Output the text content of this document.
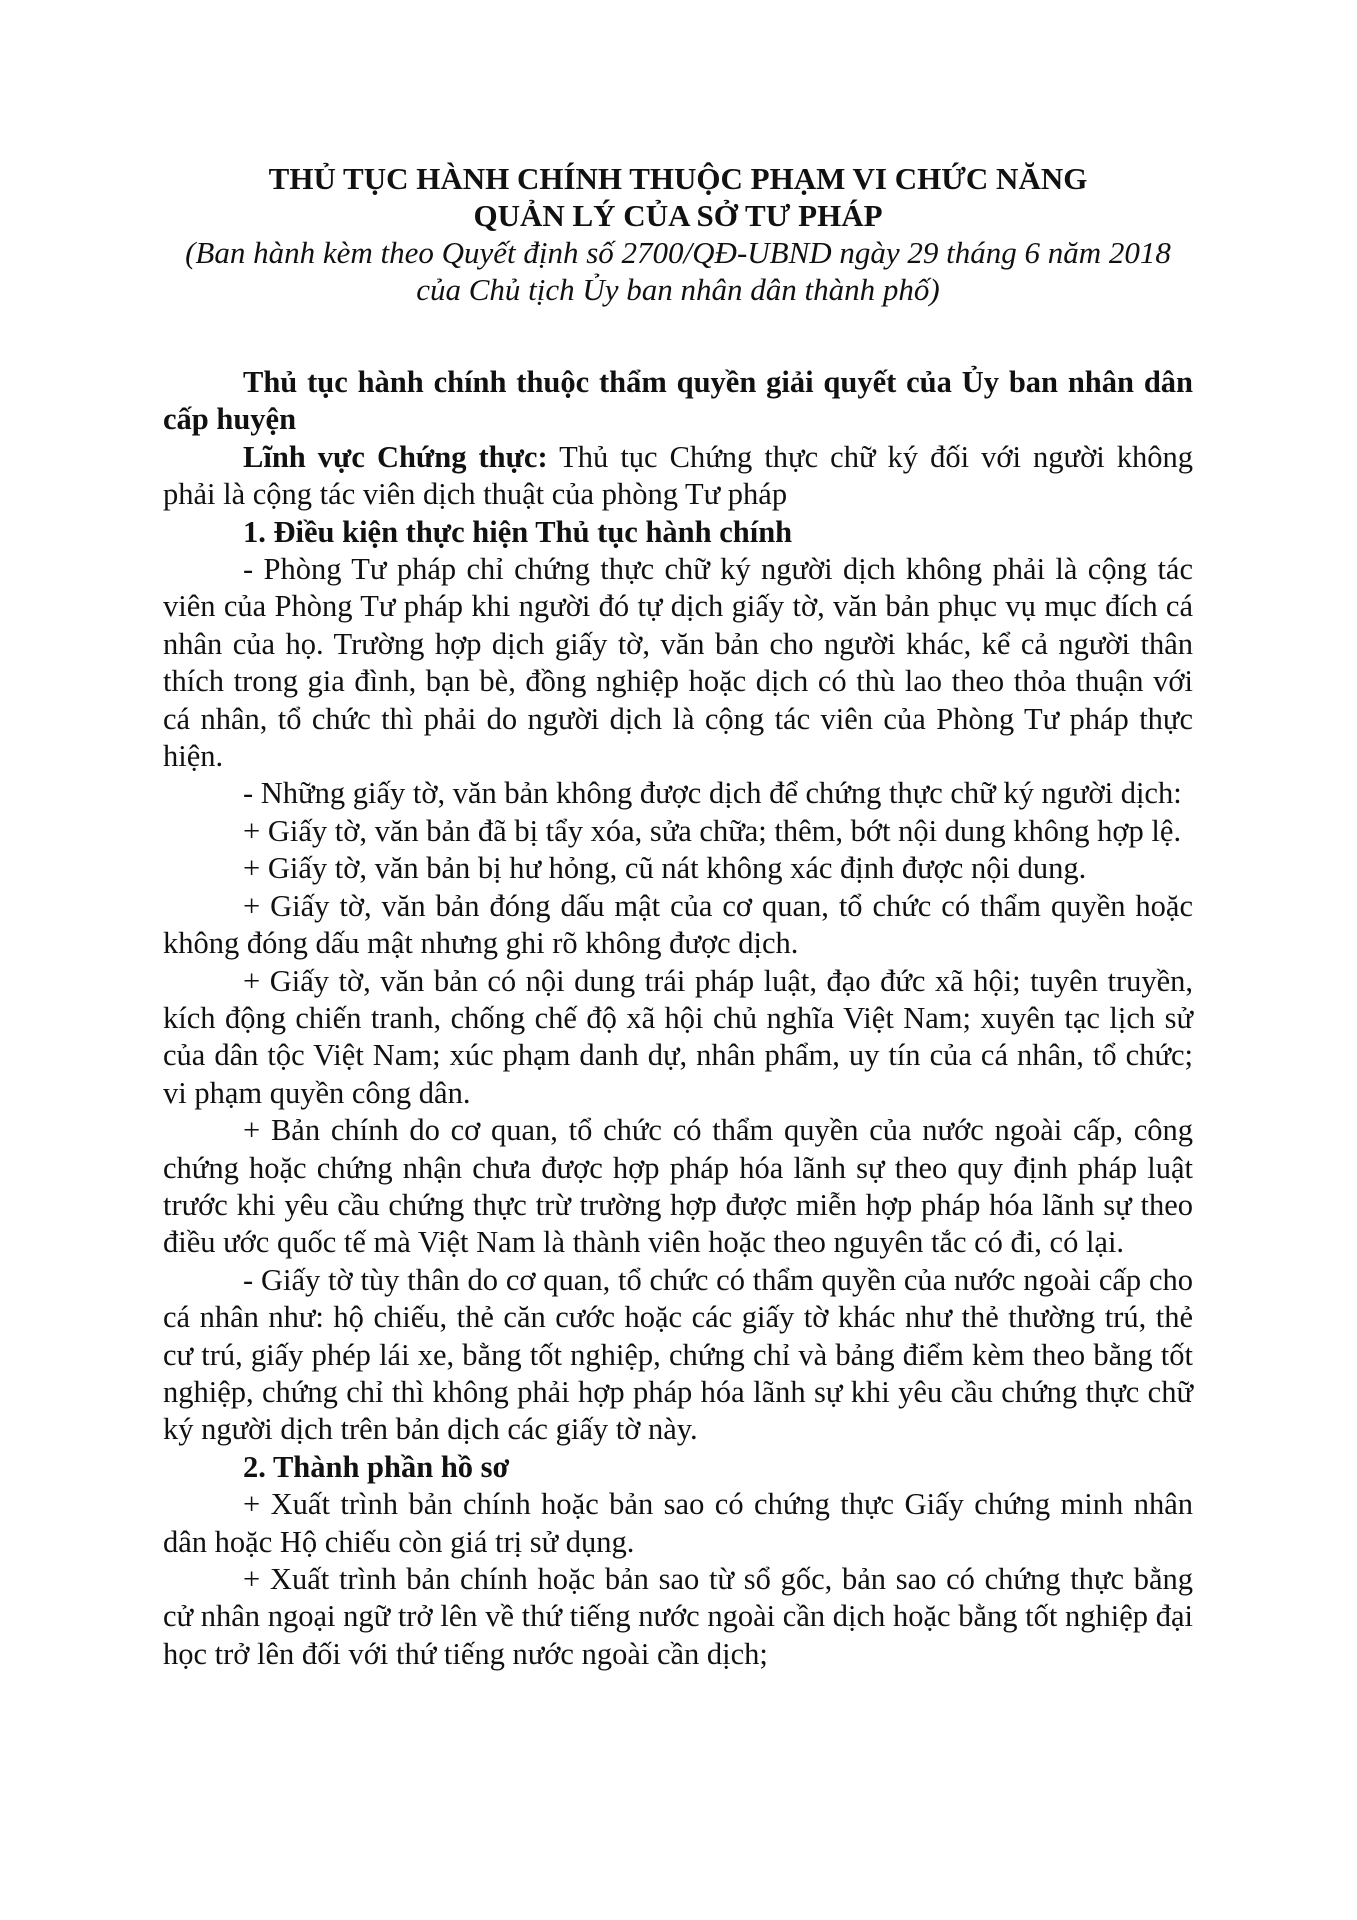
THỦ TỤC HÀNH CHÍNH THUỘC PHẠM VI CHỨC NĂNG

QUẢN LÝ CỦA SỞ TƯ PHÁP

(Ban hành kèm theo Quyết định số 2700/QĐ-UBND ngày 29 tháng 6 năm 2018

của Chủ tịch Ủy ban nhân dân thành phố)

Thủ tục hành chính thuộc thẩm quyền giải quyết của Ủy ban nhân dân cấp huyện

Lĩnh vực Chứng thực: Thủ tục Chứng thực chữ ký đối với người không phải là cộng tác viên dịch thuật của phòng Tư pháp

1. Điều kiện thực hiện Thủ tục hành chính

- Phòng Tư pháp chỉ chứng thực chữ ký người dịch không phải là cộng tác viên của Phòng Tư pháp khi người đó tự dịch giấy tờ, văn bản phục vụ mục đích cá nhân của họ. Trường hợp dịch giấy tờ, văn bản cho người khác, kể cả người thân thích trong gia đình, bạn bè, đồng nghiệp hoặc dịch có thù lao theo thỏa thuận với cá nhân, tổ chức thì phải do người dịch là cộng tác viên của Phòng Tư pháp thực hiện.

- Những giấy tờ, văn bản không được dịch để chứng thực chữ ký người dịch:

+ Giấy tờ, văn bản đã bị tẩy xóa, sửa chữa; thêm, bớt nội dung không hợp lệ.

+ Giấy tờ, văn bản bị hư hỏng, cũ nát không xác định được nội dung.

+ Giấy tờ, văn bản đóng dấu mật của cơ quan, tổ chức có thẩm quyền hoặc không đóng dấu mật nhưng ghi rõ không được dịch.

+ Giấy tờ, văn bản có nội dung trái pháp luật, đạo đức xã hội; tuyên truyền, kích động chiến tranh, chống chế độ xã hội chủ nghĩa Việt Nam; xuyên tạc lịch sử của dân tộc Việt Nam; xúc phạm danh dự, nhân phẩm, uy tín của cá nhân, tổ chức; vi phạm quyền công dân.

+ Bản chính do cơ quan, tổ chức có thẩm quyền của nước ngoài cấp, công chứng hoặc chứng nhận chưa được hợp pháp hóa lãnh sự theo quy định pháp luật trước khi yêu cầu chứng thực trừ trường hợp được miễn hợp pháp hóa lãnh sự theo điều ước quốc tế mà Việt Nam là thành viên hoặc theo nguyên tắc có đi, có lại.

- Giấy tờ tùy thân do cơ quan, tổ chức có thẩm quyền của nước ngoài cấp cho cá nhân như: hộ chiếu, thẻ căn cước hoặc các giấy tờ khác như thẻ thường trú, thẻ cư trú, giấy phép lái xe, bằng tốt nghiệp, chứng chỉ và bảng điểm kèm theo bằng tốt nghiệp, chứng chỉ thì không phải hợp pháp hóa lãnh sự khi yêu cầu chứng thực chữ ký người dịch trên bản dịch các giấy tờ này.

2. Thành phần hồ sơ

+ Xuất trình bản chính hoặc bản sao có chứng thực Giấy chứng minh nhân dân hoặc Hộ chiếu còn giá trị sử dụng.

+ Xuất trình bản chính hoặc bản sao từ sổ gốc, bản sao có chứng thực bằng cử nhân ngoại ngữ trở lên về thứ tiếng nước ngoài cần dịch hoặc bằng tốt nghiệp đại học trở lên đối với thứ tiếng nước ngoài cần dịch;
